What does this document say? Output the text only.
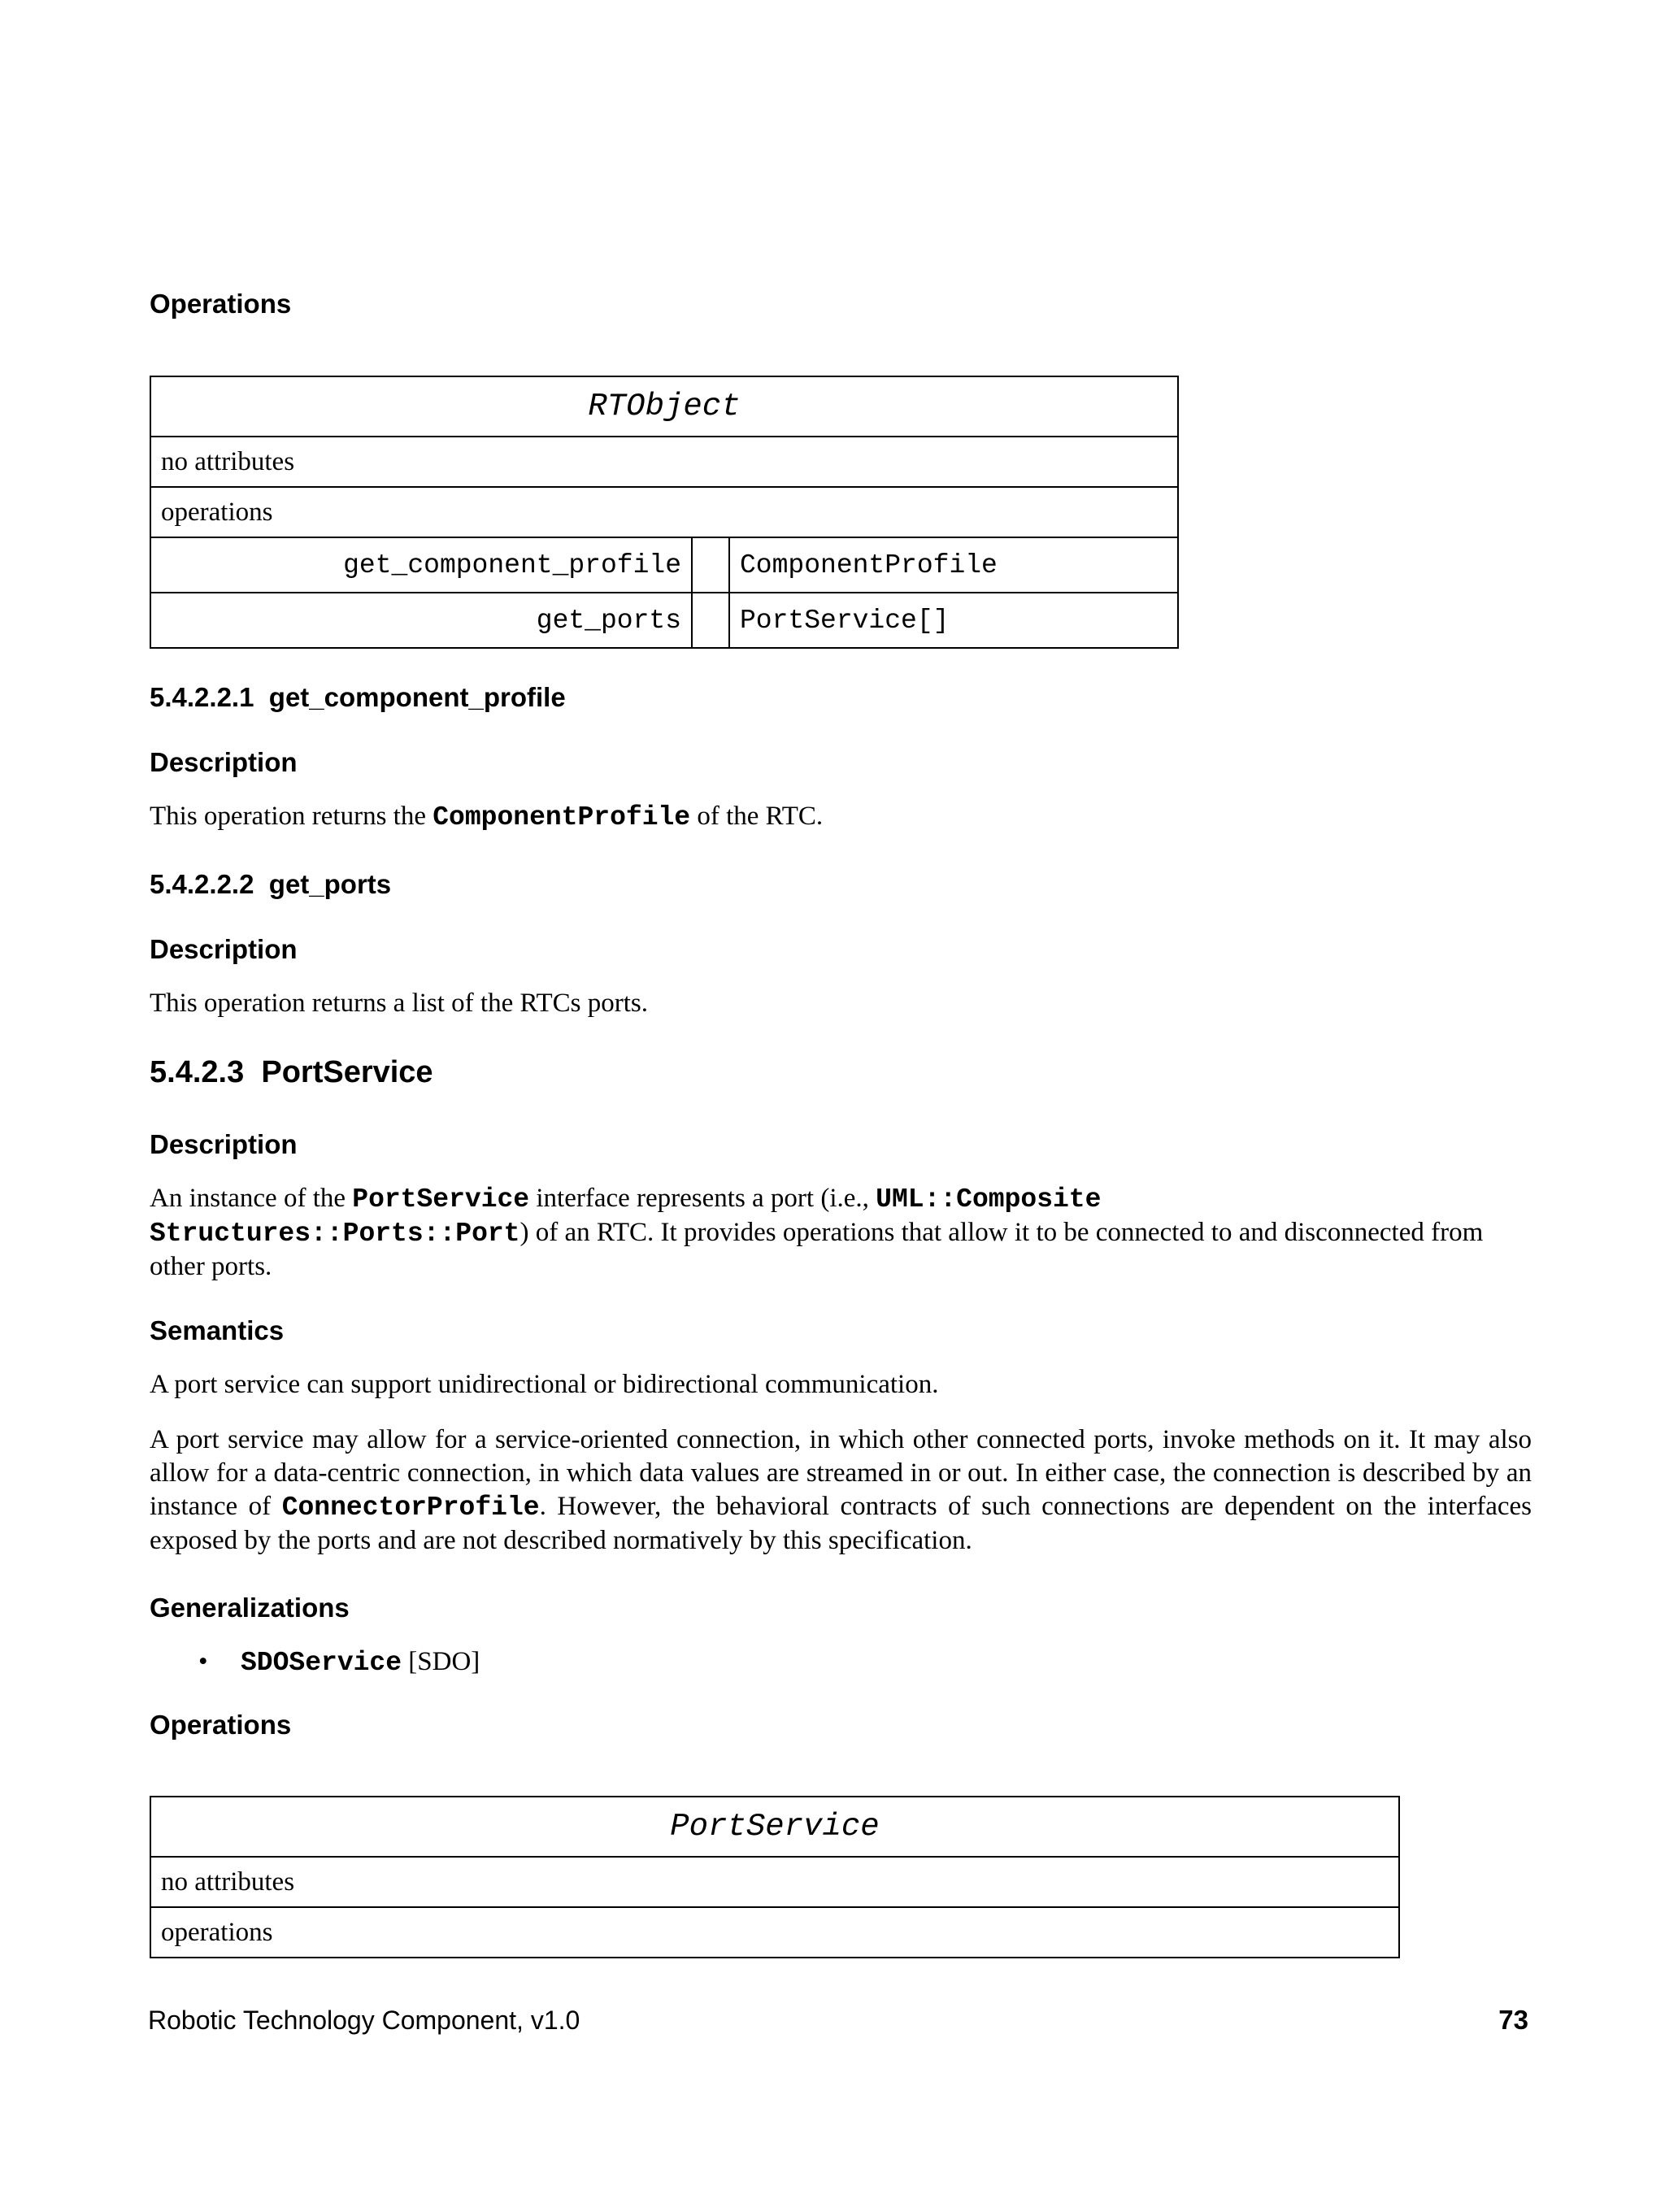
Operations
RTObject		
no attributes		
operations		
get_component_profile		ComponentProfile
get_ports		PortService[]
5.4.2.2.1 get_component_profile
Description
This operation returns the ComponentProfile of the RTC.
5.4.2.2.2 get_ports
Description
This operation returns a list of the RTCs ports.
5.4.2.3 PortService
Description
An instance of the PortService interface represents a port (i.e., UML::Composite
Structures::Ports::Port) of an RTC. It provides operations that allow it to be connected to and disconnected from other ports.
Semantics
A port service can support unidirectional or bidirectional communication.
A port service may allow for a service-oriented connection, in which other connected ports, invoke methods on it. It may also allow for a data-centric connection, in which data values are streamed in or out. In either case, the connection is described by an instance of ConnectorProfile. However, the behavioral contracts of such connections are dependent on the interfaces exposed by the ports and are not described normatively by this specification.
Generalizations
• SDOService [SDO]
Operations
PortService
no attributes
operations
Robotic Technology Component, v1.0	73
